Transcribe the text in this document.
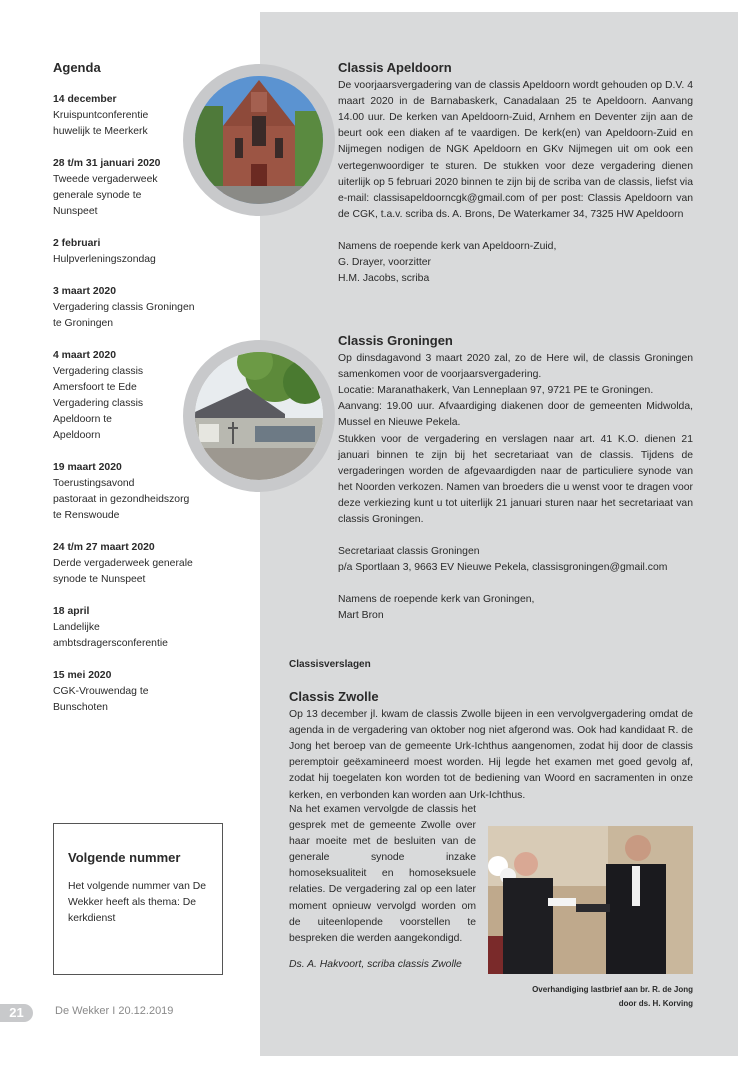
Agenda
14 december
Kruispuntconferentie
huwelijk te Meerkerk
28 t/m 31 januari 2020
Tweede vergaderweek
generale synode te
Nunspeet
2 februari
Hulpverleningszondag
3 maart 2020
Vergadering classis Groningen
te Groningen
4 maart 2020
Vergadering classis
Amersfoort te Ede
Vergadering classis
Apeldoorn te
Apeldoorn
19 maart 2020
Toerustingsavond
pastoraat in gezondheidszorg
te Renswoude
24 t/m 27 maart 2020
Derde vergaderweek generale
synode te Nunspeet
18 april
Landelijke
ambtsdragersconferentie
15 mei 2020
CGK-Vrouwendag te
Bunschoten
Classis Apeldoorn

De voorjaarsvergadering van de classis Apeldoorn wordt gehouden op D.V. 4 maart 2020 in de Barnabaskerk, Canadalaan 25 te Apeldoorn. Aanvang 14.00 uur. De kerken van Apeldoorn-Zuid, Arnhem en Deventer zijn aan de beurt ook een diaken af te vaardigen. De kerk(en) van Apeldoorn-Zuid en Nijmegen nodigen de NGK Apeldoorn en GKv Nijmegen uit om ook een vertegenwoordiger te sturen. De stukken voor deze vergadering dienen uiterlijk op 5 februari 2020 binnen te zijn bij de scriba van de classis, liefst via e-mail: classisapeldoorncgk@gmail.com of per post: Classis Apeldoorn van de CGK, t.a.v. scriba ds. A. Brons, De Waterkamer 34, 7325 HW Apeldoorn

Namens de roepende kerk van Apeldoorn-Zuid,

G. Drayer, voorzitter

H.M. Jacobs, scriba

Classis Groningen

Op dinsdagavond 3 maart 2020 zal, zo de Here wil, de classis Groningen samenkomen voor de voorjaarsvergadering.

Locatie: Maranathakerk, Van Lenneplaan 97, 9721 PE te Groningen.

Aanvang: 19.00 uur. Afvaardiging diakenen door de gemeenten Midwolda, Mussel en Nieuwe Pekela.

Stukken voor de vergadering en verslagen naar art. 41 K.O. dienen 21 januari binnen te zijn bij het secretariaat van de classis. Tijdens de vergaderingen worden de afgevaardigden naar de particuliere synode van het Noorden verkozen. Namen van broeders die u wenst voor te dragen voor deze verkiezing kunt u tot uiterlijk 21 januari sturen naar het secretariaat van classis Groningen.

Secretariaat classis Groningen

p/a Sportlaan 3, 9663 EV Nieuwe Pekela, classisgroningen@gmail.com

Namens de roepende kerk van Groningen,

Mart Bron

Classisverslagen
Classis Zwolle

Op 13 december jl. kwam de classis Zwolle bijeen in een vervolgvergadering omdat de agenda in de vergadering van oktober nog niet afgerond was. Ook had kandidaat R. de Jong het beroep van de gemeente Urk-Ichthus aangenomen, zodat hij door de classis peremptoir geëxamineerd moest worden. Hij legde het examen met goed gevolg af, zodat hij toegelaten kon worden tot de bediening van Woord en sacramenten in onze kerken, en verbonden kan worden aan Urk-Ichthus.

Na het examen vervolgde de classis het gesprek met de gemeente Zwolle over haar moeite met de besluiten van de generale synode inzake homoseksualiteit en homoseksuele relaties. De vergadering zal op een later moment opnieuw vervolgd worden om de uiteenlopende voorstellen te bespreken die werden aangekondigd.

Ds. A. Hakvoort, scriba classis Zwolle

Overhandiging lastbrief aan br. R. de Jong
door ds. H. Korving
Volgende nummer

Het volgende nummer van De Wekker heeft als thema: De kerkdienst

21	De Wekker I 20.12.2019
